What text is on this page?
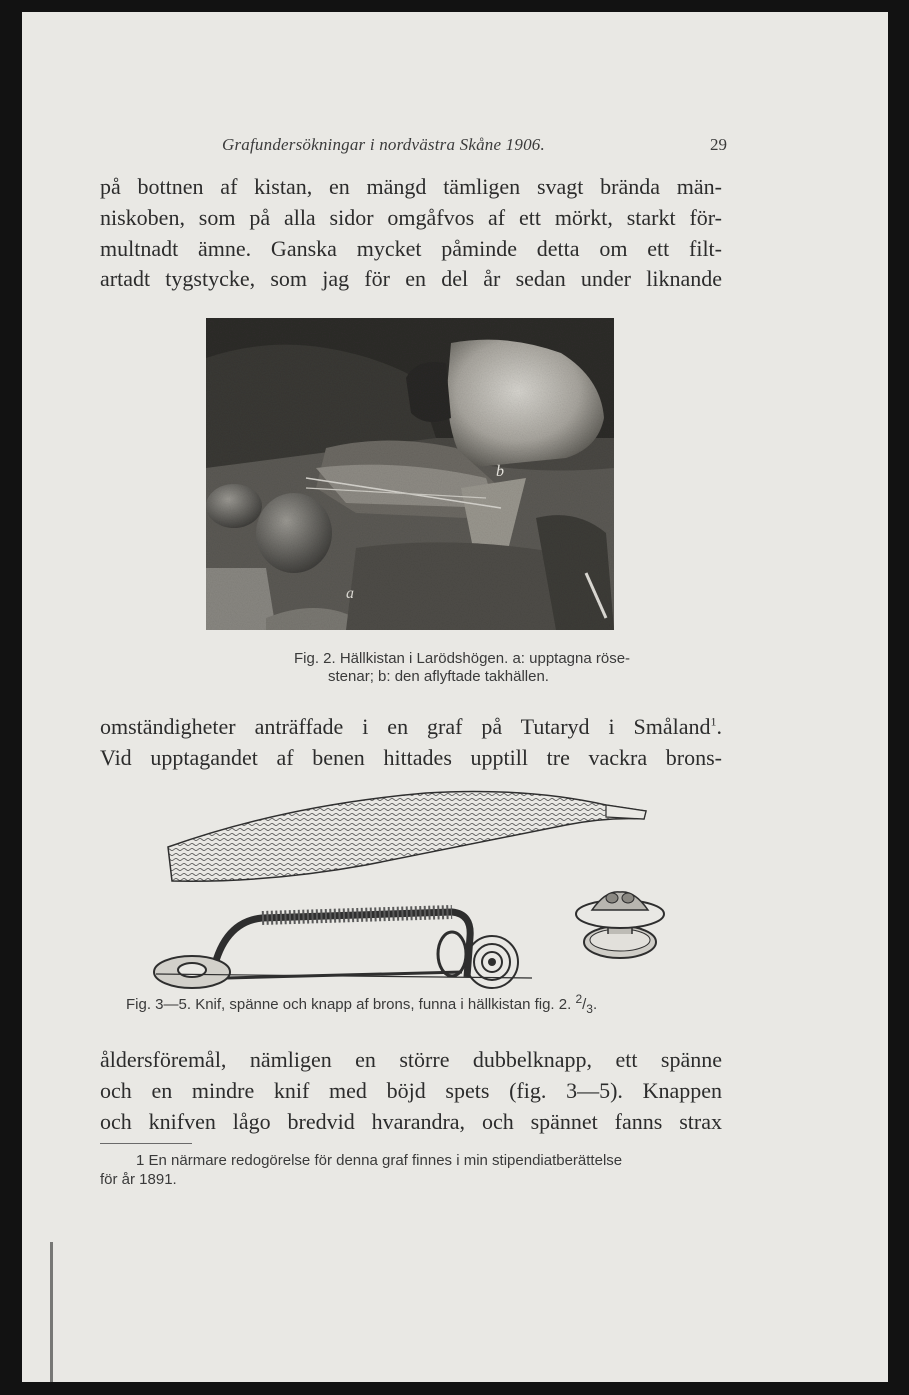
Grafundersökningar i nordvästra Skåne 1906.	29
på bottnen af kistan, en mängd tämligen svagt brända män-
niskoben, som på alla sidor omgåfvos af ett mörkt, starkt för-
multnadt ämne. Ganska mycket påminde detta om ett filt-
artadt tygstycke, som jag för en del år sedan under liknande
b
a
Fig. 2. Hällkistan i Larödshögen. a: upptagna röse-
stenar; b: den aflyftade takhällen.
omständigheter anträffade i en graf på Tutaryd i Småland$^1$.
Vid upptagandet af benen hittades upptill tre vackra brons-
Fig. 3—5. Knif, spänne och knapp af brons, funna i hällkistan fig. 2. $^2/_3$.
åldersföremål, nämligen en större dubbelknapp, ett spänne
och en mindre knif med böjd spets (fig. 3—5). Knappen
och knifven lågo bredvid hvarandra, och spännet fanns strax
1 En närmare redogörelse för denna graf finnes i min stipendiatberättelse
för år 1891.
